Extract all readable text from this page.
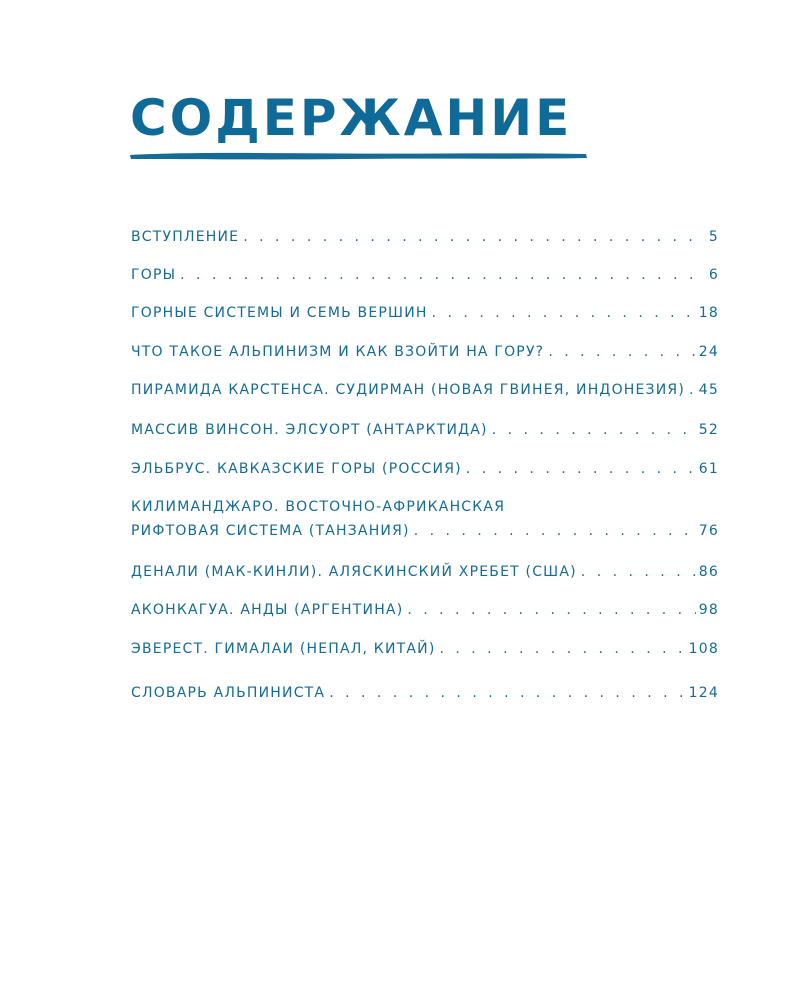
СОДЕРЖАНИЕ
ВСТУПЛЕНИЕ . . .	5
ГОРЫ . . .	6
ГОРНЫЕ СИСТЕМЫ И СЕМЬ ВЕРШИН . . .	18
ЧТО ТАКОЕ АЛЬПИНИЗМ И КАК ВЗОЙТИ НА ГОРУ? . . .	24
ПИРАМИДА КАРСТЕНСА. СУДИРМАН (НОВАЯ ГВИНЕЯ, ИНДОНЕЗИЯ) . . . 45
МАССИВ ВИНСОН. ЭЛСУОРТ (АНТАРКТИДА) . . .	52
ЭЛЬБРУС. КАВКАЗСКИЕ ГОРЫ (РОССИЯ) . . .	61
КИЛИМАНДЖАРО. ВОСТОЧНО-АФРИКАНСКАЯ
РИФТОВАЯ СИСТЕМА (ТАНЗАНИЯ) . . .	76
ДЕНАЛИ (МАК-КИНЛИ). АЛЯСКИНСКИЙ ХРЕБЕТ (США) . . .	86
АКОНКАГУА. АНДЫ (АРГЕНТИНА) . . .	98
ЭВЕРЕСТ. ГИМАЛАИ (НЕПАЛ, КИТАЙ) . . .	108
СЛОВАРЬ АЛЬПИНИСТА . . .	124
